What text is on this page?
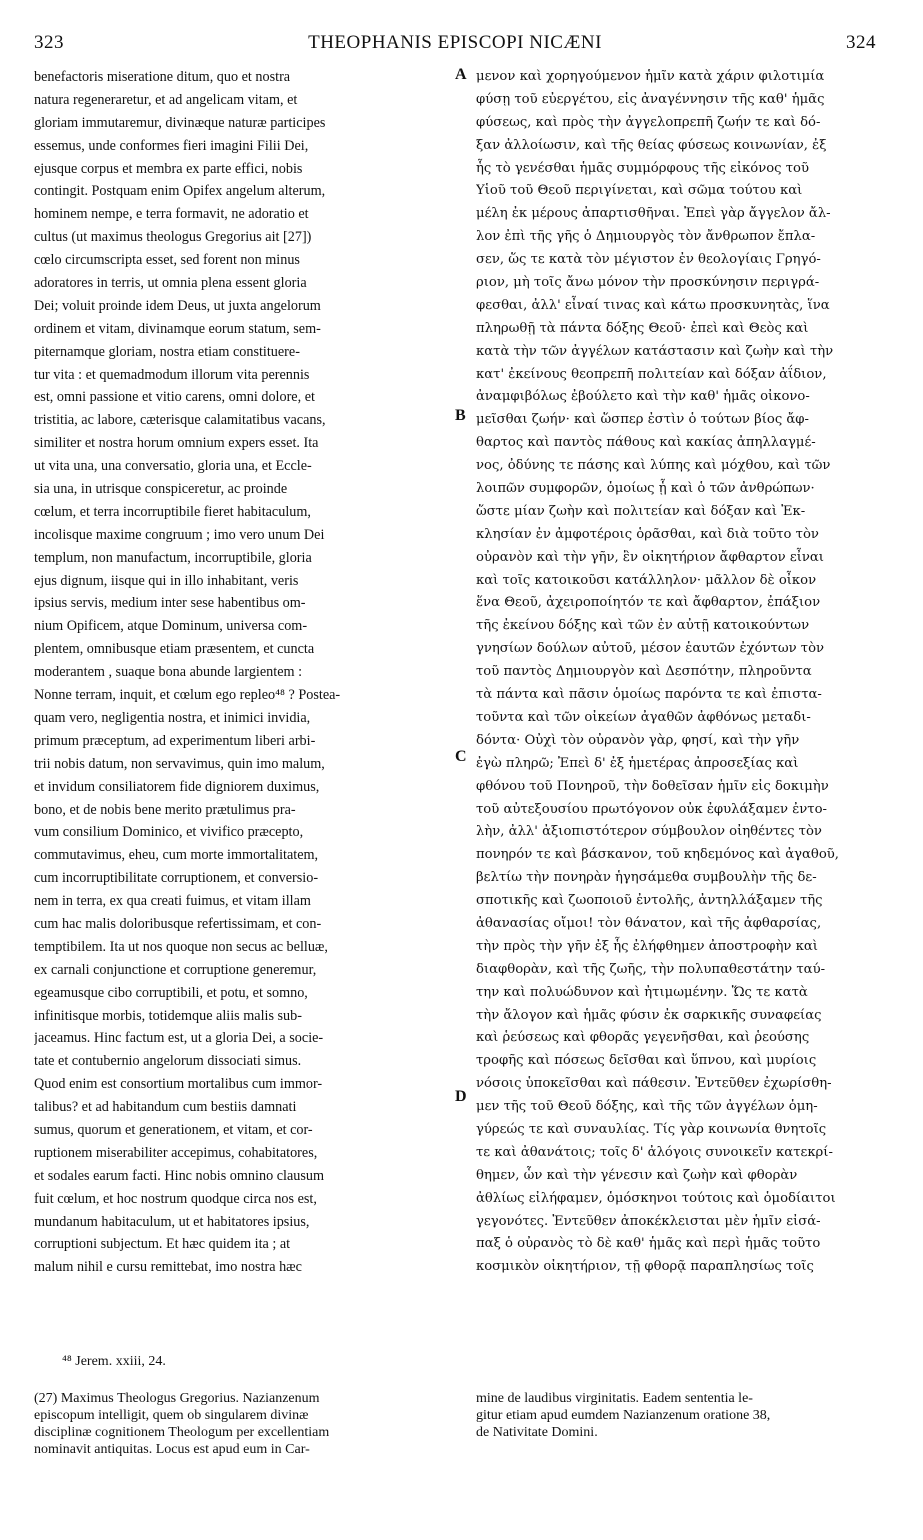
323	THEOPHANIS EPISCOPI NICÆNI	324
benefactoris miseratione ditum, quo et nostra
natura regeneraretur, et ad angelicam vitam, et
gloriam immutaremur, divinæque naturæ participes
essemus, unde conformes fieri imagini Filii Dei,
ejusque corpus et membra ex parte effici, nobis
contingit. Postquam enim Opifex angelum alterum,
hominem nempe, e terra formavit, ne adoratio et
cultus (ut maximus theologus Gregorius ait [27])
cœlo circumscripta esset, sed forent non minus
adoratores in terris, ut omnia plena essent gloria
Dei; voluit proinde idem Deus, ut juxta angelorum
ordinem et vitam, divinamque eorum statum, sem-
piternamque gloriam, nostra etiam constituere-
tur vita : et quemadmodum illorum vita perennis
est, omni passione et vitio carens, omni dolore, et
tristitia, ac labore, cæterisque calamitatibus vacans,
similiter et nostra horum omnium expers esset. Ita
ut vita una, una conversatio, gloria una, et Eccle-
sia una, in utrisque conspiceretur, ac proinde
cœlum, et terra incorruptibile fieret habitaculum,
incolisque maxime congruum ; imo vero unum Dei
templum, non manufactum, incorruptibile, gloria
ejus dignum, iisque qui in illo inhabitant, veris
ipsius servis, medium inter sese habentibus om-
nium Opificem, atque Dominum, universa com-
plentem, omnibusque etiam præsentem, et cuncta
moderantem , suaque bona abunde largientem :
Nonne terram, inquit, et cœlum ego repleo⁴⁸ ? Postea-
quam vero, negligentia nostra, et inimici invidia,
primum præceptum, ad experimentum liberi arbi-
trii nobis datum, non servavimus, quin imo malum,
et invidum consiliatorem fide digniorem duximus,
bono, et de nobis bene merito prætulimus pra-
vum consilium Dominico, et vivifico præcepto,
commutavimus, eheu, cum morte immortalitatem,
cum incorruptibilitate corruptionem, et conversio-
nem in terra, ex qua creati fuimus, et vitam illam
cum hac malis doloribusque refertissimam, et con-
temptibilem. Ita ut nos quoque non secus ac belluæ,
ex carnali conjunctione et corruptione generemur,
egeamusque cibo corruptibili, et potu, et somno,
infinitisque morbis, totidemque aliis malis sub-
jaceamus. Hinc factum est, ut a gloria Dei, a socie-
tate et contubernio angelorum dissociati simus.
Quod enim est consortium mortalibus cum immor-
talibus? et ad habitandum cum bestiis damnati
sumus, quorum et generationem, et vitam, et cor-
ruptionem miserabiliter accepimus, cohabitatores,
et sodales earum facti. Hinc nobis omnino clausum
fuit cœlum, et hoc nostrum quodque circa nos est,
mundanum habitaculum, ut et habitatores ipsius,
corruptioni subjectum. Et hæc quidem ita ; at
malum nihil e cursu remittebat, imo nostra hæc
μενον καὶ χορηγούμενον ἡμῖν κατὰ χάριν φιλοτιμία
φύσῃ τοῦ εὐεργέτου, εἰς ἀναγέννησιν τῆς καθ' ἡμᾶς
φύσεως, καὶ πρὸς τὴν ἀγγελοπρεπῆ ζωήν τε καὶ δό-
ξαν ἀλλοίωσιν, καὶ τῆς θείας φύσεως κοινωνίαν, ἐξ
ἧς τὸ γενέσθαι ἡμᾶς συμμόρφους τῆς εἰκόνος τοῦ
Υἱοῦ τοῦ Θεοῦ περιγίνεται, καὶ σῶμα τούτου καὶ
μέλη ἐκ μέρους ἀπαρτισθῆναι. Ἐπεὶ γὰρ ἄγγελον ἄλ-
λον ἐπὶ τῆς γῆς ὁ Δημιουργὸς τὸν ἄνθρωπον ἔπλα-
σεν, ὥς τε κατὰ τὸν μέγιστον ἐν θεολογίαις Γρηγό-
ριον, μὴ τοῖς ἄνω μόνον τὴν προσκύνησιν περιγρά-
φεσθαι, ἀλλ' εἶναί τινας καὶ κάτω προσκυνητὰς, ἵνα
πληρωθῇ τὰ πάντα δόξης Θεοῦ· ἐπεὶ καὶ Θεὸς καὶ
κατὰ τὴν τῶν ἀγγέλων κατάστασιν καὶ ζωὴν καὶ τὴν
κατ' ἐκείνους θεοπρεπῆ πολιτείαν καὶ δόξαν ἀΐδιον,
ἀναμφιβόλως ἐβούλετο καὶ τὴν καθ' ἡμᾶς οἰκονο-
μεῖσθαι ζωήν· καὶ ὥσπερ ἐστὶν ὁ τούτων βίος ἄφ-
θαρτος καὶ παντὸς πάθους καὶ κακίας ἀπηλλαγμέ-
νος, ὀδύνης τε πάσης καὶ λύπης καὶ μόχθου, καὶ τῶν
λοιπῶν συμφορῶν, ὁμοίως ᾗ καὶ ὁ τῶν ἀνθρώπων·
ὥστε μίαν ζωὴν καὶ πολιτείαν καὶ δόξαν καὶ Ἐκ-
κλησίαν ἐν ἀμφοτέροις ὁρᾶσθαι, καὶ διὰ τοῦτο τὸν
οὐρανὸν καὶ τὴν γῆν, ἓν οἰκητήριον ἄφθαρτον εἶναι
καὶ τοῖς κατοικοῦσι κατάλληλον· μᾶλλον δὲ οἶκον
ἕνα Θεοῦ, ἀχειροποίητόν τε καὶ ἄφθαρτον, ἐπάξιον
τῆς ἐκείνου δόξης καὶ τῶν ἐν αὐτῇ κατοικούντων
γνησίων δούλων αὐτοῦ, μέσον ἑαυτῶν ἐχόντων τὸν
τοῦ παντὸς Δημιουργὸν καὶ Δεσπότην, πληροῦντα
τὰ πάντα καὶ πᾶσιν ὁμοίως παρόντα τε καὶ ἐπιστα-
τοῦντα καὶ τῶν οἰκείων ἀγαθῶν ἀφθόνως μεταδι-
δόντα· Οὐχὶ τὸν οὐρανὸν γὰρ, φησί, καὶ τὴν γῆν
ἐγὼ πληρῶ; Ἐπεὶ δ' ἐξ ἡμετέρας ἀπροσεξίας καὶ
φθόνου τοῦ Πονηροῦ, τὴν δοθεῖσαν ἡμῖν εἰς δοκιμὴν
τοῦ αὐτεξουσίου πρωτόγονον οὐκ ἐφυλάξαμεν ἐντο-
λὴν, ἀλλ' ἀξιοπιστότερον σύμβουλον οἰηθέντες τὸν
πονηρόν τε καὶ βάσκανον, τοῦ κηδεμόνος καὶ ἀγαθοῦ,
βελτίω τὴν πονηρὰν ἡγησάμεθα συμβουλὴν τῆς δε-
σποτικῆς καὶ ζωοποιοῦ ἐντολῆς, ἀντηλλάξαμεν τῆς
ἀθανασίας οἴμοι! τὸν θάνατον, καὶ τῆς ἀφθαρσίας,
τὴν πρὸς τὴν γῆν ἐξ ἧς ἐλήφθημεν ἀποστροφὴν καὶ
διαφθορὰν, καὶ τῆς ζωῆς, τὴν πολυπαθεστάτην ταύ-
την καὶ πολυώδυνον καὶ ἠτιμωμένην. Ὥς τε κατὰ
τὴν ἄλογον καὶ ἡμᾶς φύσιν ἐκ σαρκικῆς συναφείας
καὶ ῥεύσεως καὶ φθορᾶς γεγενῆσθαι, καὶ ῥεούσης
τροφῆς καὶ πόσεως δεῖσθαι καὶ ὕπνου, καὶ μυρίοις
νόσοις ὑποκεῖσθαι καὶ πάθεσιν. Ἐντεῦθεν ἐχωρίσθη-
μεν τῆς τοῦ Θεοῦ δόξης, καὶ τῆς τῶν ἀγγέλων ὁμη-
γύρεώς τε καὶ συναυλίας. Τίς γὰρ κοινωνία θνητοῖς
τε καὶ ἀθανάτοις; τοῖς δ' ἀλόγοις συνοικεῖν κατεκρί-
θημεν, ὧν καὶ τὴν γένεσιν καὶ ζωὴν καὶ φθορὰν
ἀθλίως εἰλήφαμεν, ὁμόσκηνοι τούτοις καὶ ὁμοδίαιτοι
γεγονότες. Ἐντεῦθεν ἀποκέκλεισται μὲν ἡμῖν εἰσά-
παξ ὁ οὐρανὸς τὸ δὲ καθ' ἡμᾶς καὶ περὶ ἡμᾶς τοῦτο
κοσμικὸν οἰκητήριον, τῇ φθορᾷ παραπλησίως τοῖς
A
B
C
D
⁴⁸ Jerem. xxiii, 24.
(27) Maximus Theologus Gregorius. Nazianzenum
episcopum intelligit, quem ob singularem divinæ
disciplinæ cognitionem Theologum per excellentiam
nominavit antiquitas. Locus est apud eum in Car-
mine de laudibus virginitatis. Eadem sententia le-
gitur etiam apud eumdem Nazianzenum oratione 38,
de Nativitate Domini.
